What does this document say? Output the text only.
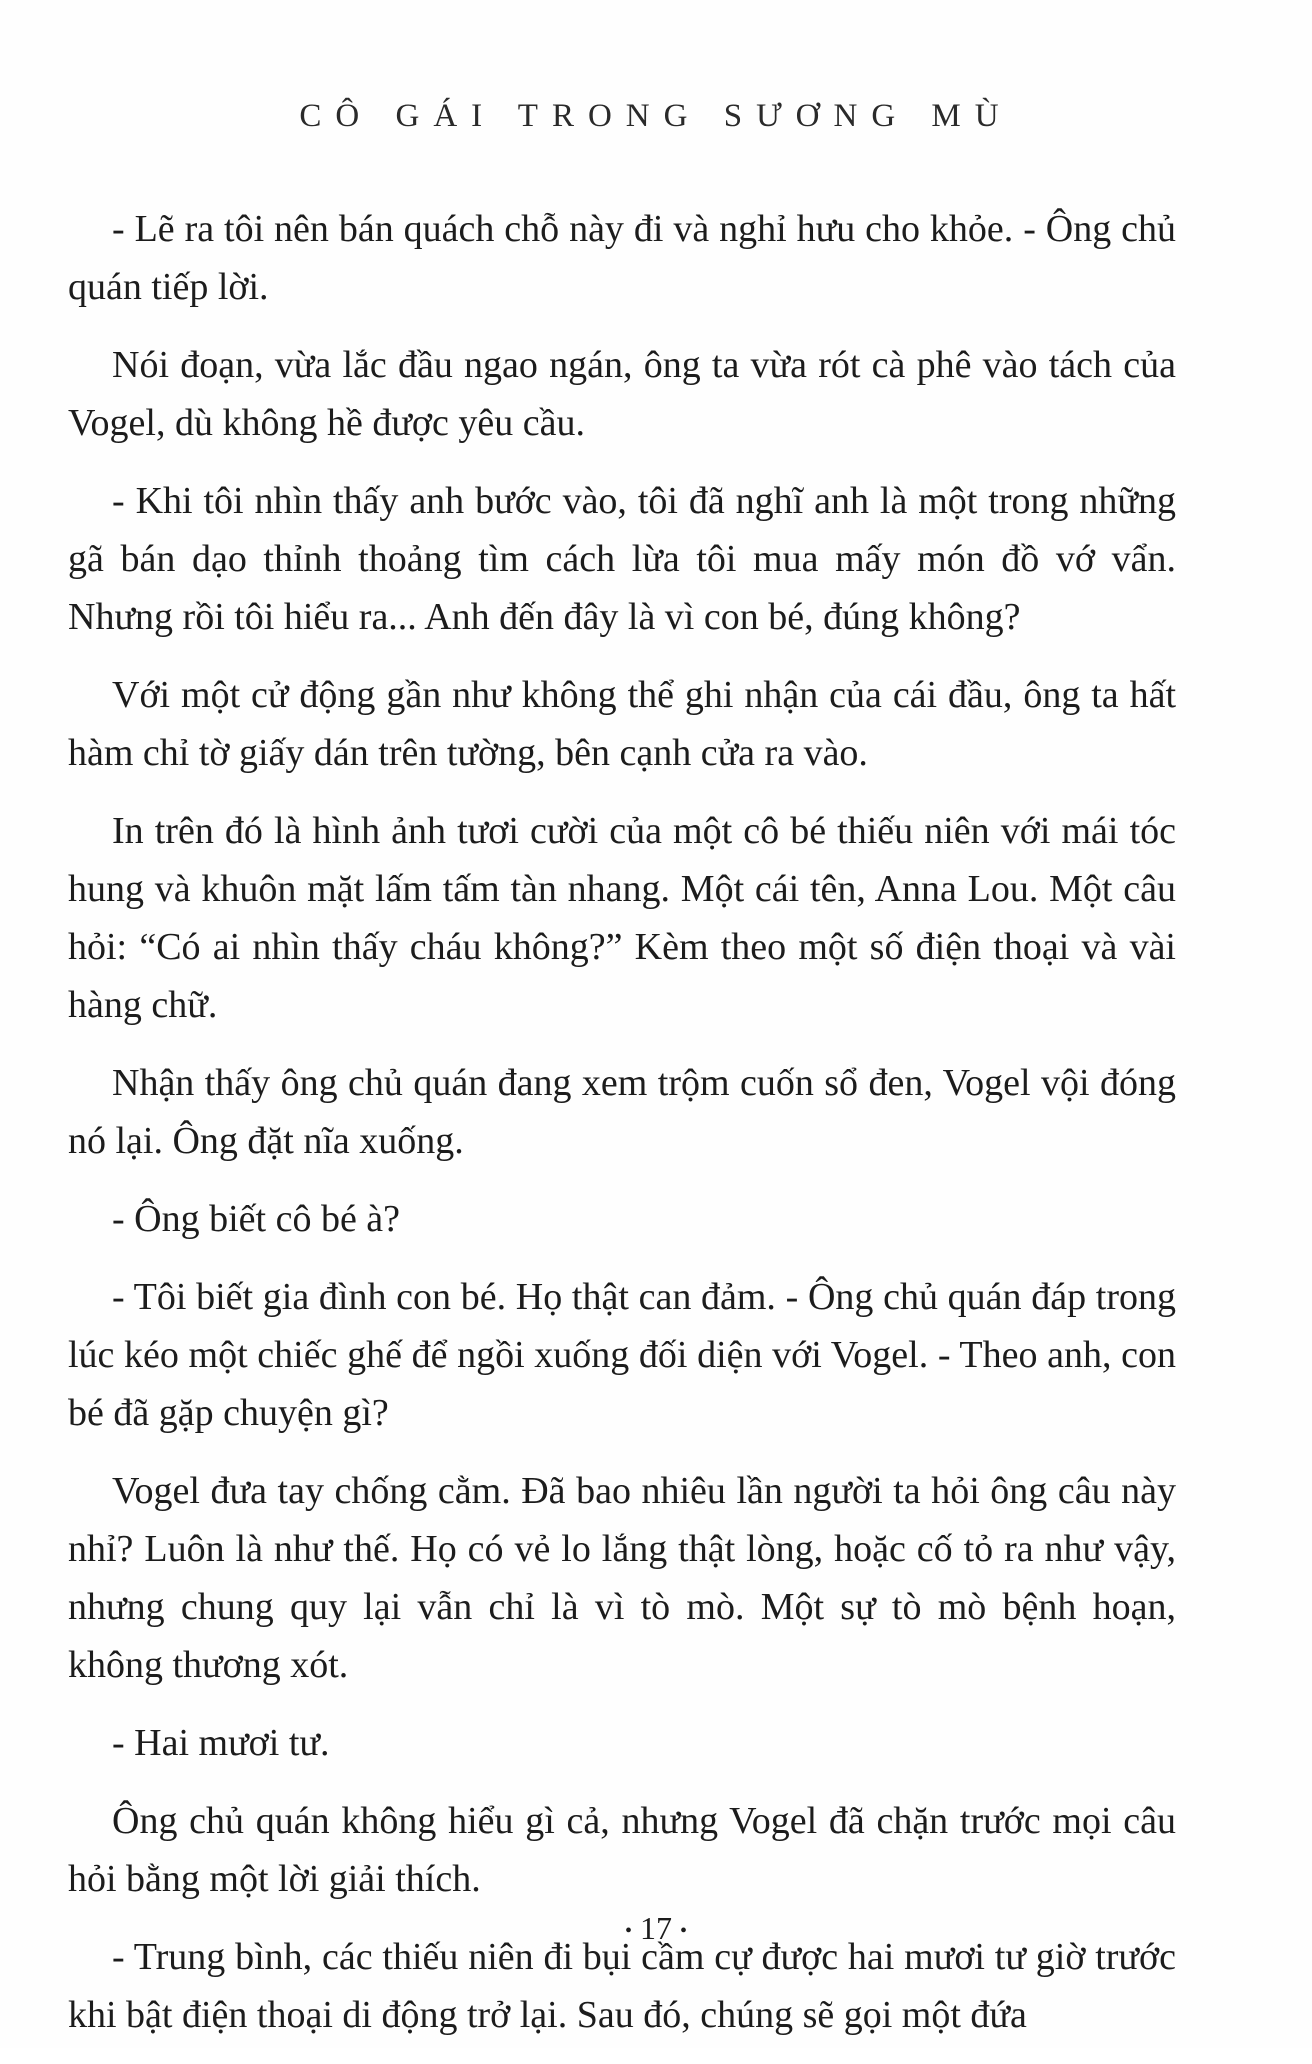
CÔ GÁI TRONG SƯƠNG MÙ

- Lẽ ra tôi nên bán quách chỗ này đi và nghỉ hưu cho khỏe. - Ông chủ quán tiếp lời.

Nói đoạn, vừa lắc đầu ngao ngán, ông ta vừa rót cà phê vào tách của Vogel, dù không hề được yêu cầu.

- Khi tôi nhìn thấy anh bước vào, tôi đã nghĩ anh là một trong những gã bán dạo thỉnh thoảng tìm cách lừa tôi mua mấy món đồ vớ vẩn. Nhưng rồi tôi hiểu ra... Anh đến đây là vì con bé, đúng không?

Với một cử động gần như không thể ghi nhận của cái đầu, ông ta hất hàm chỉ tờ giấy dán trên tường, bên cạnh cửa ra vào.

In trên đó là hình ảnh tươi cười của một cô bé thiếu niên với mái tóc hung và khuôn mặt lấm tấm tàn nhang. Một cái tên, Anna Lou. Một câu hỏi: “Có ai nhìn thấy cháu không?” Kèm theo một số điện thoại và vài hàng chữ.

Nhận thấy ông chủ quán đang xem trộm cuốn sổ đen, Vogel vội đóng nó lại. Ông đặt nĩa xuống.

- Ông biết cô bé à?

- Tôi biết gia đình con bé. Họ thật can đảm. - Ông chủ quán đáp trong lúc kéo một chiếc ghế để ngồi xuống đối diện với Vogel. - Theo anh, con bé đã gặp chuyện gì?

Vogel đưa tay chống cằm. Đã bao nhiêu lần người ta hỏi ông câu này nhỉ? Luôn là như thế. Họ có vẻ lo lắng thật lòng, hoặc cố tỏ ra như vậy, nhưng chung quy lại vẫn chỉ là vì tò mò. Một sự tò mò bệnh hoạn, không thương xót.

- Hai mươi tư.

Ông chủ quán không hiểu gì cả, nhưng Vogel đã chặn trước mọi câu hỏi bằng một lời giải thích.

- Trung bình, các thiếu niên đi bụi cầm cự được hai mươi tư giờ trước khi bật điện thoại di động trở lại. Sau đó, chúng sẽ gọi một đứa

• 17 •
